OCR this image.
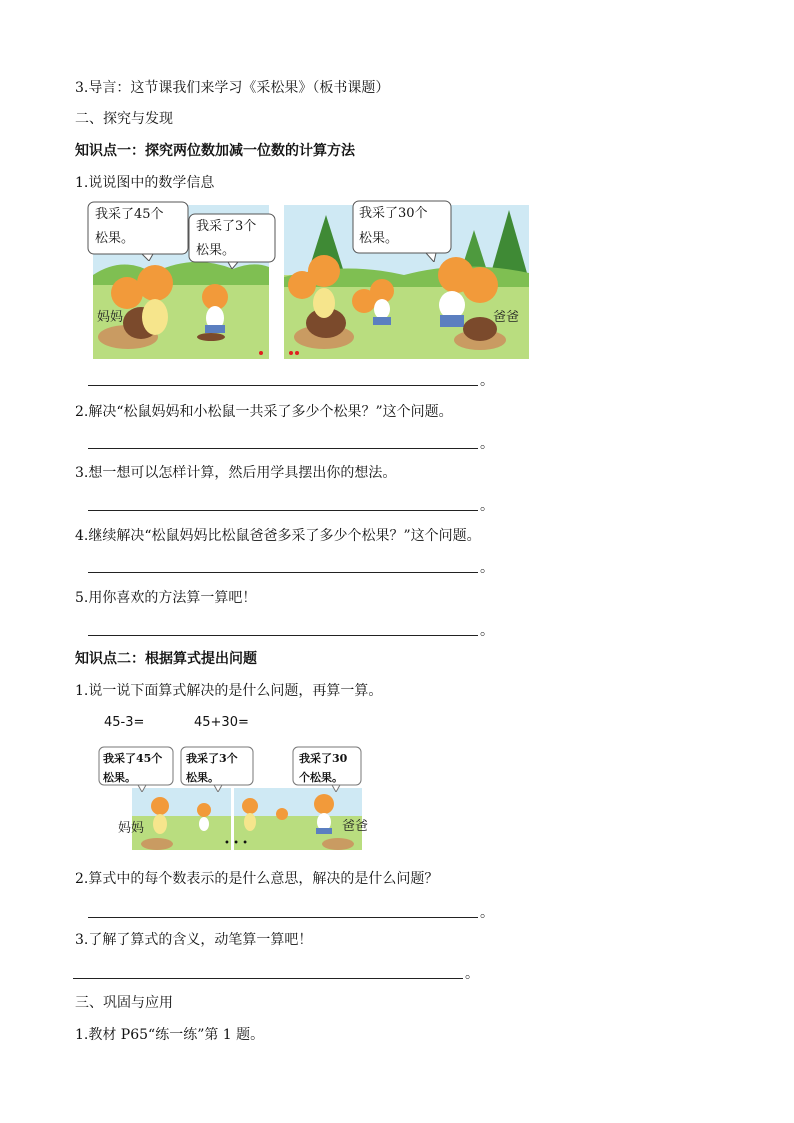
3.导言：这节课我们来学习《采松果》（板书课题）
二、探究与发现
知识点一：探究两位数加减一位数的计算方法
1.说说图中的数学信息
妈妈
我采了45个
松果。
我采了3个
松果。
爸爸
我采了30个
松果。
。
2.解决“松鼠妈妈和小松鼠一共采了多少个松果？”这个问题。
。
3.想一想可以怎样计算，然后用学具摆出你的想法。
。
4.继续解决“松鼠妈妈比松鼠爸爸多采了多少个松果？”这个问题。
。
5.用你喜欢的方法算一算吧！
。
知识点二：根据算式提出问题
1.说一说下面算式解决的是什么问题，再算一算。
45-3=	45+30=
妈妈	爸爸
• • •
我采了45个
松果。
我采了3个
松果。
我采了30
个松果。
2.算式中的每个数表示的是什么意思，解决的是什么问题？
。
3.了解了算式的含义，动笔算一算吧！
。
三、巩固与应用
1.教材 P65“练一练”第 1 题。
